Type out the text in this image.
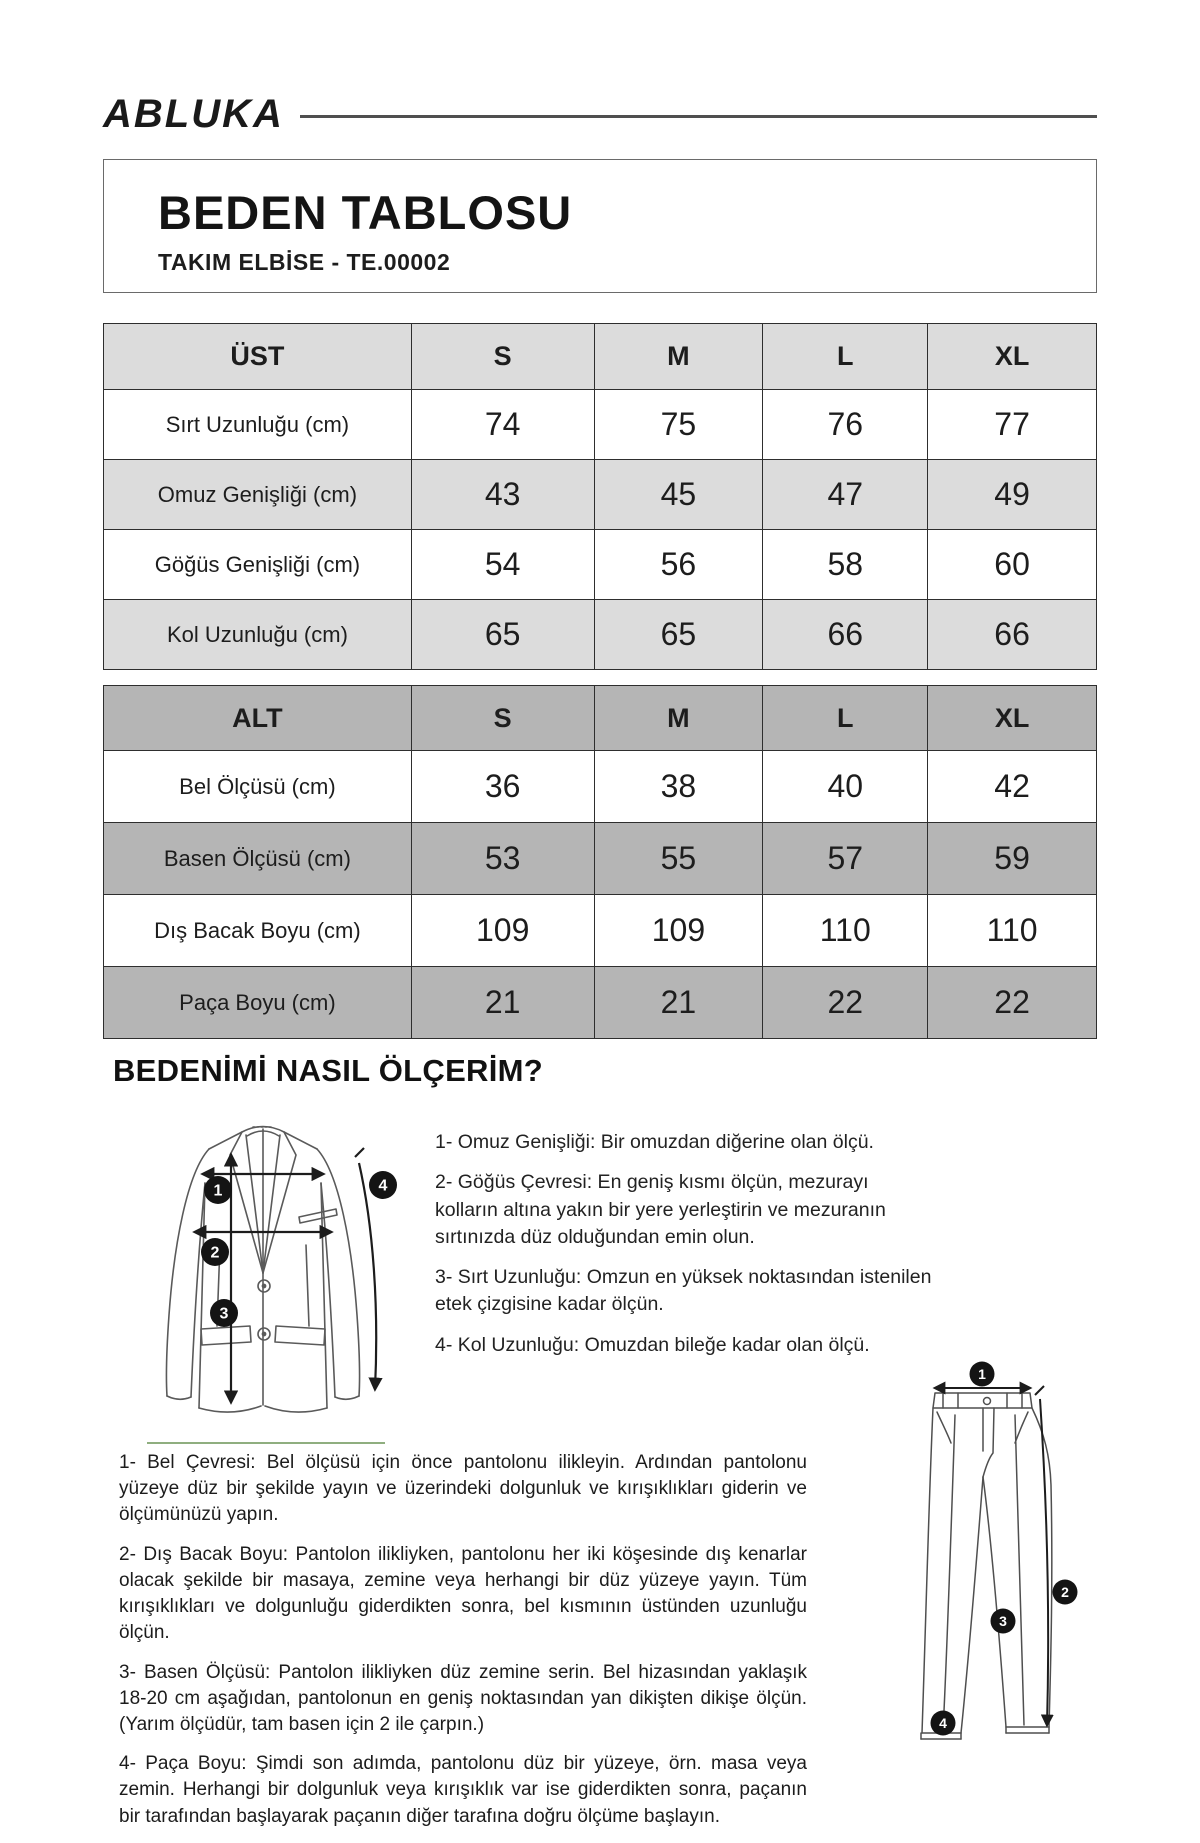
ABLUKA
BEDEN TABLOSU
TAKIM ELBİSE - TE.00002
ÜST	S	M	L	XL
Sırt Uzunluğu (cm)	74	75	76	77
Omuz Genişliği (cm)	43	45	47	49
Göğüs Genişliği (cm)	54	56	58	60
Kol Uzunluğu (cm)	65	65	66	66
ALT	S	M	L	XL
Bel Ölçüsü (cm)	36	38	40	42
Basen Ölçüsü (cm)	53	55	57	59
Dış Bacak Boyu (cm)	109	109	110	110
Paça Boyu (cm)	21	21	22	22
BEDENİMİ NASIL ÖLÇERİM?
1
2
3
4

1- Omuz Genişliği: Bir omuzdan diğerine olan ölçü.

2- Göğüs Çevresi: En geniş kısmı ölçün, mezurayı kolların altına yakın bir yere yerleştirin ve mezuranın sırtınızda düz olduğundan emin olun.

3- Sırt Uzunluğu: Omzun en yüksek noktasından istenilen etek çizgisine kadar ölçün.

4- Kol Uzunluğu: Omuzdan bileğe kadar olan ölçü.

1- Bel Çevresi: Bel ölçüsü için önce pantolonu ilikleyin. Ardından pantolonu yüzeye düz bir şekilde yayın ve üzerindeki dolgunluk ve kırışıklıkları giderin ve ölçümünüzü yapın.

2- Dış Bacak Boyu: Pantolon ilikliyken, pantolonu her iki köşesinde dış kenarlar olacak şekilde bir masaya, zemine veya herhangi bir düz yüzeye yayın. Tüm kırışıklıkları ve dolgunluğu giderdikten sonra, bel kısmının üstünden uzunluğu ölçün.

3- Basen Ölçüsü: Pantolon ilikliyken düz zemine serin. Bel hizasından yaklaşık 18-20 cm aşağıdan, pantolonun en geniş noktasından yan dikişten dikişe ölçün. (Yarım ölçüdür, tam basen için 2 ile çarpın.)

4- Paça Boyu: Şimdi son adımda, pantolonu düz bir yüzeye, örn. masa veya zemin. Herhangi bir dolgunluk veya kırışıklık var ise giderdikten sonra, paçanın bir tarafından başlayarak paçanın diğer tarafına doğru ölçüme başlayın.

1
2
3
4
